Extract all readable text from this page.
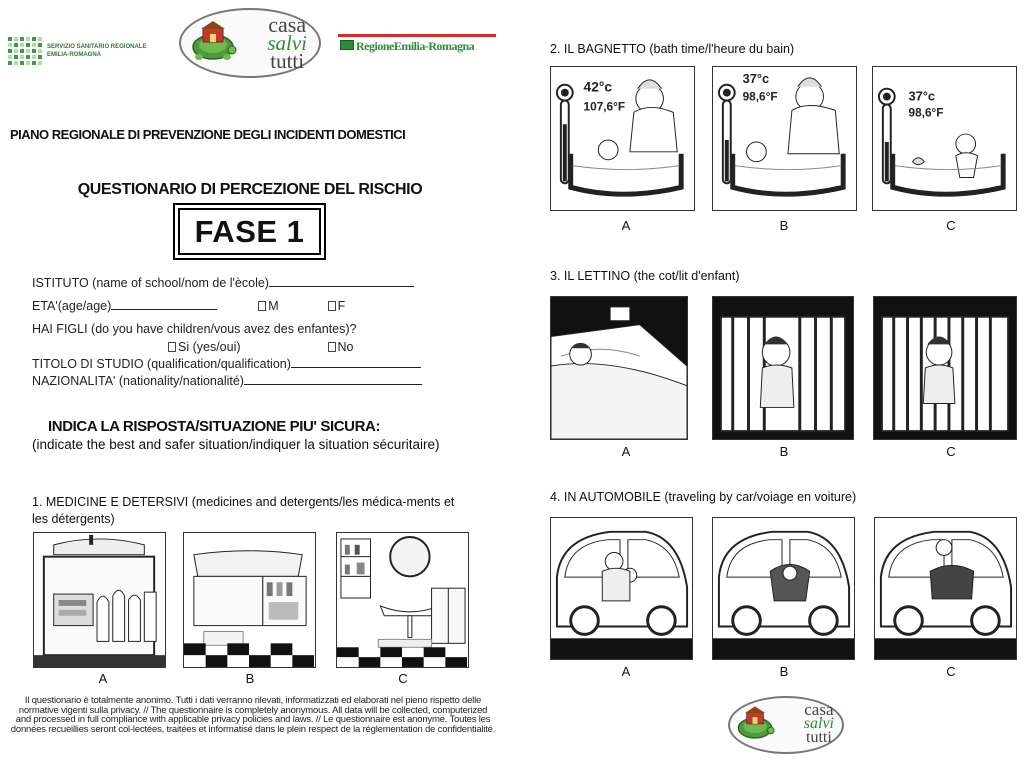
SERVIZIO SANITARIO REGIONALE
EMILIA-ROMAGNA
casa
salvi
tutti
RegioneEmilia-Romagna
PIANO REGIONALE DI PREVENZIONE DEGLI INCIDENTI DOMESTICI
QUESTIONARIO DI PERCEZIONE DEL RISCHIO
FASE 1
ISTITUTO (name of school/nom de l'ècole)
ETA'(age/age)	M	F
HAI FIGLI (do you have children/vous avez des enfantes)?
Si (yes/oui)	No
TITOLO DI STUDIO (qualification/qualification)
NAZIONALITA' (nationality/nationalité)
INDICA LA RISPOSTA/SITUAZIONE PIU' SICURA:
(indicate the best and safer situation/indiquer la situation sécuritaire)
1. MEDICINE E DETERSIVI (medicines and detergents/les médica-ments et les détergents)
A	B	C
Il questionario è totalmente anonimo. Tutti i dati verranno rilevati, informatizzati ed elaborati nel pieno rispetto delle normative vigenti sulla privacy. // The questionnaire is completely anonymous. All data will be collected, computerized and processed in full compliance with applicable privacy policies and laws. // Le questionnaire est anonyme. Toutes les données recueillies seront col-lectées, traitées et informatisé dans le plein respect de la réglementation de confidentialité.
2. IL BAGNETTO (bath time/l'heure du bain)
42°c
107,6°F
A
37°c
98,6°F
B
37°c
98,6°F
C
3. IL LETTINO (the cot/lit d'enfant)
A	B	C
4. IN AUTOMOBILE (traveling by car/voiage en voiture)
A	B	C
casa
salvi
tutti
